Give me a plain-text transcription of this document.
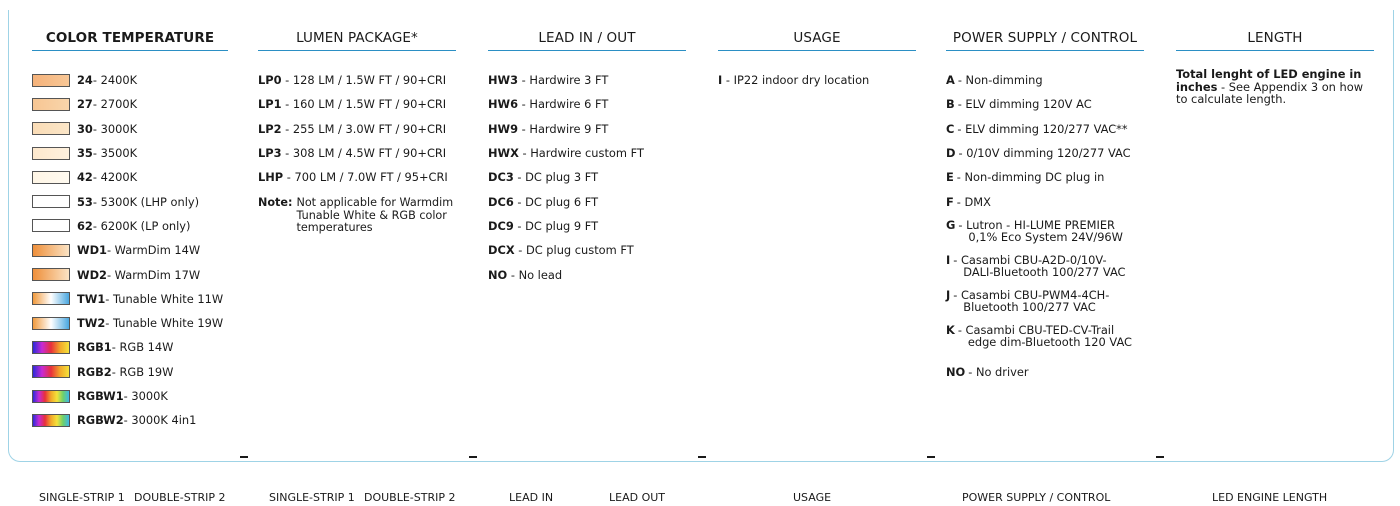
COLOR TEMPERATURE
24 - 2400K
27 - 2700K
30 - 3000K
35 - 3500K
42 - 4200K
53 - 5300K (LHP only)
62 - 6200K (LP only)
WD1 - WarmDim 14W
WD2 - WarmDim 17W
TW1 - Tunable White 11W
TW2 - Tunable White 19W
RGB1 - RGB 14W
RGB2 - RGB 19W
RGBW1 - 3000K
RGBW2 - 3000K 4in1
LUMEN PACKAGE*
LP0 - 128 LM / 1.5W FT / 90+CRI
LP1 - 160 LM / 1.5W FT / 90+CRI
LP2 - 255 LM / 3.0W FT / 90+CRI
LP3 - 308 LM / 4.5W FT / 90+CRI
LHP - 700 LM / 7.0W FT / 95+CRI
Note: Not applicable for Warmdim
Tunable White & RGB color
temperatures
LEAD IN / OUT
HW3 - Hardwire 3 FT
HW6 - Hardwire 6 FT
HW9 - Hardwire 9 FT
HWX - Hardwire custom FT
DC3 - DC plug 3 FT
DC6 - DC plug 6 FT
DC9 - DC plug 9 FT
DCX - DC plug custom FT
NO - No lead
USAGE
I - IP22 indoor dry location
POWER SUPPLY / CONTROL
A - Non-dimming
B - ELV dimming 120V AC
C - ELV dimming 120/277 VAC**
D - 0/10V dimming 120/277 VAC
E - Non-dimming DC plug in
F - DMX
G - Lutron - HI-LUME PREMIER
0,1% Eco System 24V/96W
I - Casambi CBU-A2D-0/10V-
DALI-Bluetooth 100/277 VAC
J - Casambi CBU-PWM4-4CH-
Bluetooth 100/277 VAC
K - Casambi CBU-TED-CV-Trail
edge dim-Bluetooth 120 VAC
NO - No driver
LENGTH
Total lenght of LED engine in inches - See Appendix 3 on how to calculate length.
SINGLE-STRIP 1 DOUBLE-STRIP 2	SINGLE-STRIP 1 DOUBLE-STRIP 2	LEAD IN	LEAD OUT	USAGE	POWER SUPPLY / CONTROL	LED ENGINE LENGTH
